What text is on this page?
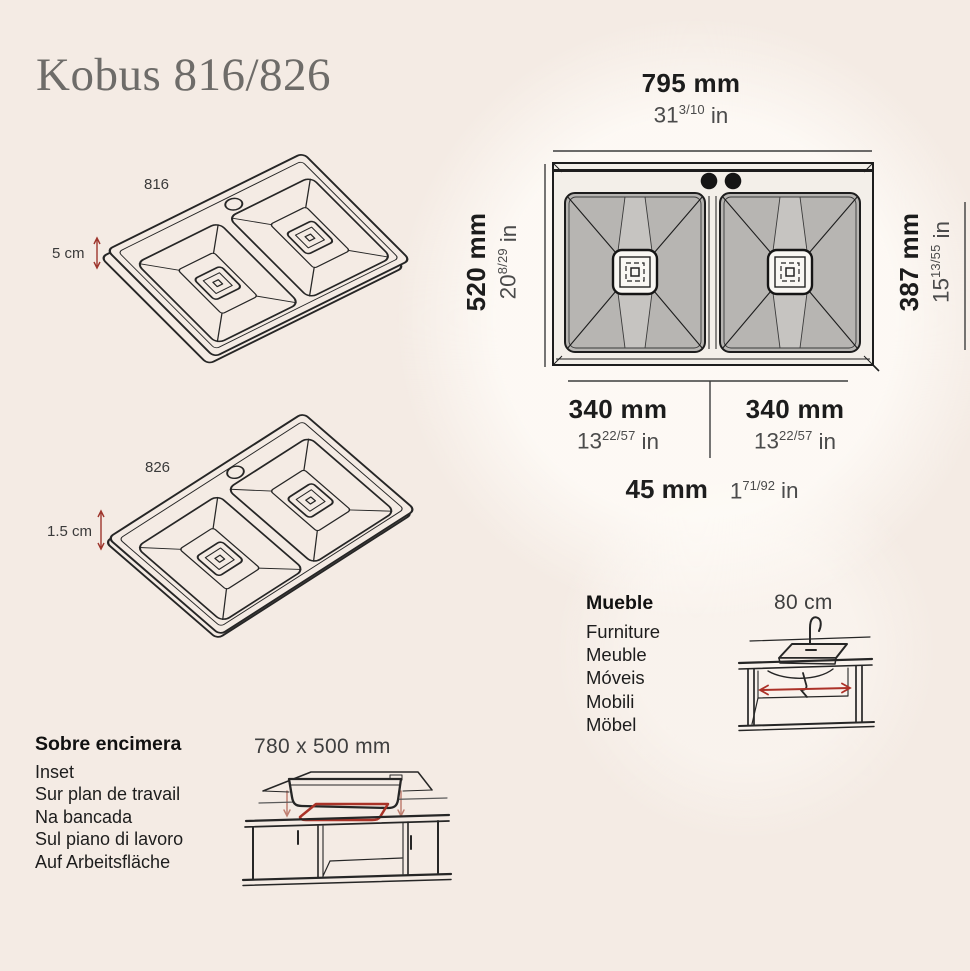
Kobus 816/826
816
5 cm
826
1.5 cm
795 mm
$31^{3/10}$ in
520 mm $20^{8/29}in$	387 mm $15^{13/55}in$
340 mm
$13^{22/57}$ in
340 mm
$13^{22/57}$ in
45 mm $1^{71/92}$ in
Mueble
Furniture
Meuble
Móveis
Mobili
Möbel
80 cm
Sobre encimera
Inset
Sur plan de travail
Na bancada
Sul piano di lavoro
Auf Arbeitsfläche
780 x 500 mm
